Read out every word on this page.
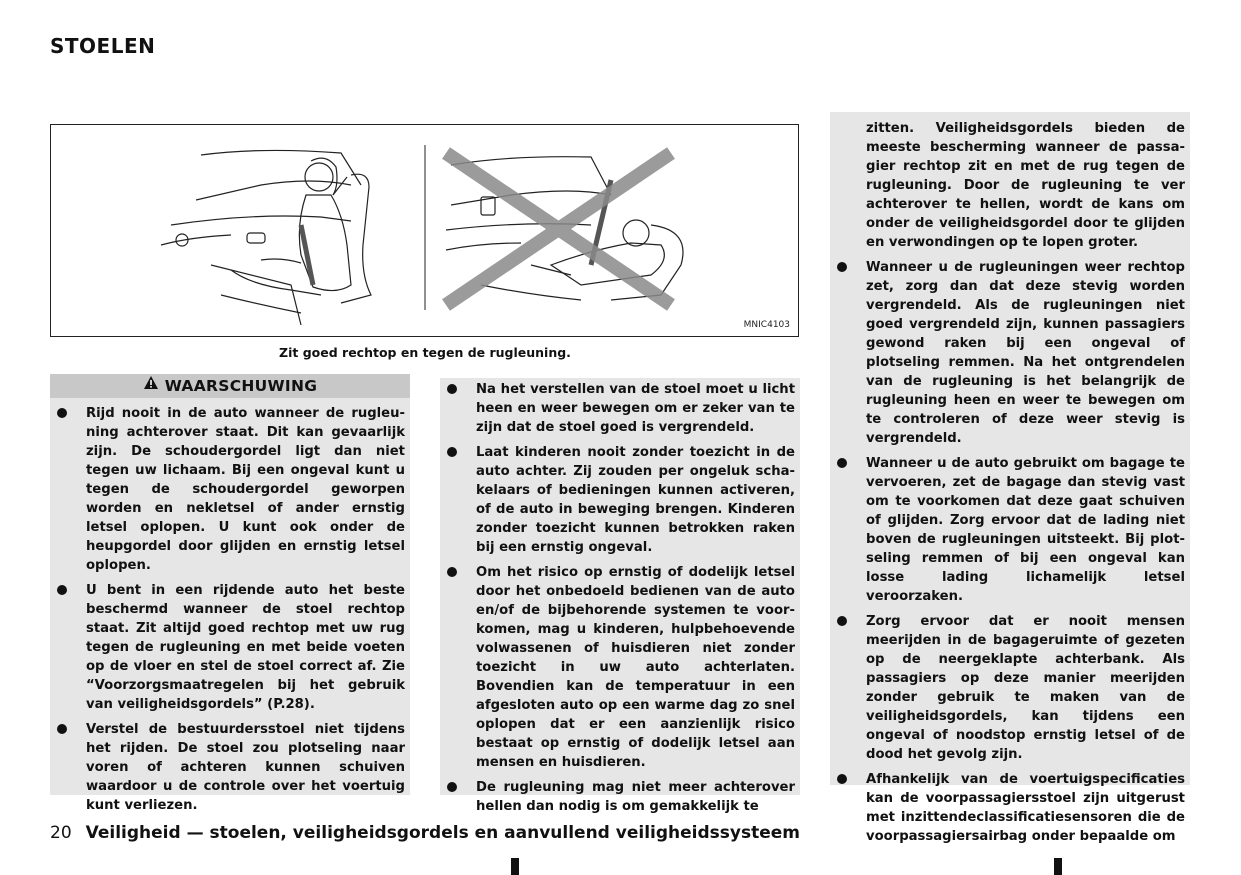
STOELEN
MNIC4103
Zit goed rechtop en tegen de rugleuning.
WAARSCHUWING
Rijd nooit in de auto wanneer de rugleuning achterover staat. Dit kan gevaarlijk zijn. De schoudergordel ligt dan niet tegen uw lichaam. Bij een ongeval kunt u tegen de schoudergordel geworpen worden en nekletsel of ander ernstig letsel oplopen. U kunt ook onder de heupgordel door glijden en ernstig letsel oplopen.
U bent in een rijdende auto het beste beschermd wanneer de stoel rechtop staat. Zit altijd goed rechtop met uw rug tegen de rugleuning en met beide voeten op de vloer en stel de stoel correct af. Zie “Voorzorgsmaatregelen bij het gebruik van veiligheidsgordels” (P.28).
Verstel de bestuurdersstoel niet tijdens het rijden. De stoel zou plotseling naar voren of achteren kunnen schuiven waardoor u de controle over het voertuig kunt verliezen.
Na het verstellen van de stoel moet u licht heen en weer bewegen om er zeker van te zijn dat de stoel goed is vergrendeld.
Laat kinderen nooit zonder toezicht in de auto achter. Zij zouden per ongeluk schakelaars of bedieningen kunnen activeren, of de auto in beweging brengen. Kinderen zonder toezicht kunnen betrokken raken bij een ernstig ongeval.
Om het risico op ernstig of dodelijk letsel door het onbedoeld bedienen van de auto en/of de bijbehorende systemen te voorkomen, mag u kinderen, hulpbehoevende volwassenen of huisdieren niet zonder toezicht in uw auto achterlaten. Bovendien kan de temperatuur in een afgesloten auto op een warme dag zo snel oplopen dat er een aanzienlijk risico bestaat op ernstig of dodelijk letsel aan mensen en huisdieren.
De rugleuning mag niet meer achterover hellen dan nodig is om gemakkelijk te
zitten. Veiligheidsgordels bieden de meeste bescherming wanneer de passagier rechtop zit en met de rug tegen de rugleuning. Door de rugleuning te ver achterover te hellen, wordt de kans om onder de veiligheidsgordel door te glijden en verwondingen op te lopen groter.
Wanneer u de rugleuningen weer rechtop zet, zorg dan dat deze stevig worden vergrendeld. Als de rugleuningen niet goed vergrendeld zijn, kunnen passagiers gewond raken bij een ongeval of plotseling remmen. Na het ontgrendelen van de rugleuning is het belangrijk de rugleuning heen en weer te bewegen om te controleren of deze weer stevig is vergrendeld.
Wanneer u de auto gebruikt om bagage te vervoeren, zet de bagage dan stevig vast om te voorkomen dat deze gaat schuiven of glijden. Zorg ervoor dat de lading niet boven de rugleuningen uitsteekt. Bij plotseling remmen of bij een ongeval kan losse lading lichamelijk letsel veroorzaken.
Zorg ervoor dat er nooit mensen meerijden in de bagageruimte of gezeten op de neergeklapte achterbank. Als passagiers op deze manier meerijden zonder gebruik te maken van de veiligheidsgordels, kan tijdens een ongeval of noodstop ernstig letsel of de dood het gevolg zijn.
Afhankelijk van de voertuigspecificaties kan de voorpassagiersstoel zijn uitgerust met inzittendeclassificatiesensoren die de voorpassagiersairbag onder bepaalde om
20 Veiligheid — stoelen, veiligheidsgordels en aanvullend veiligheidssysteem
